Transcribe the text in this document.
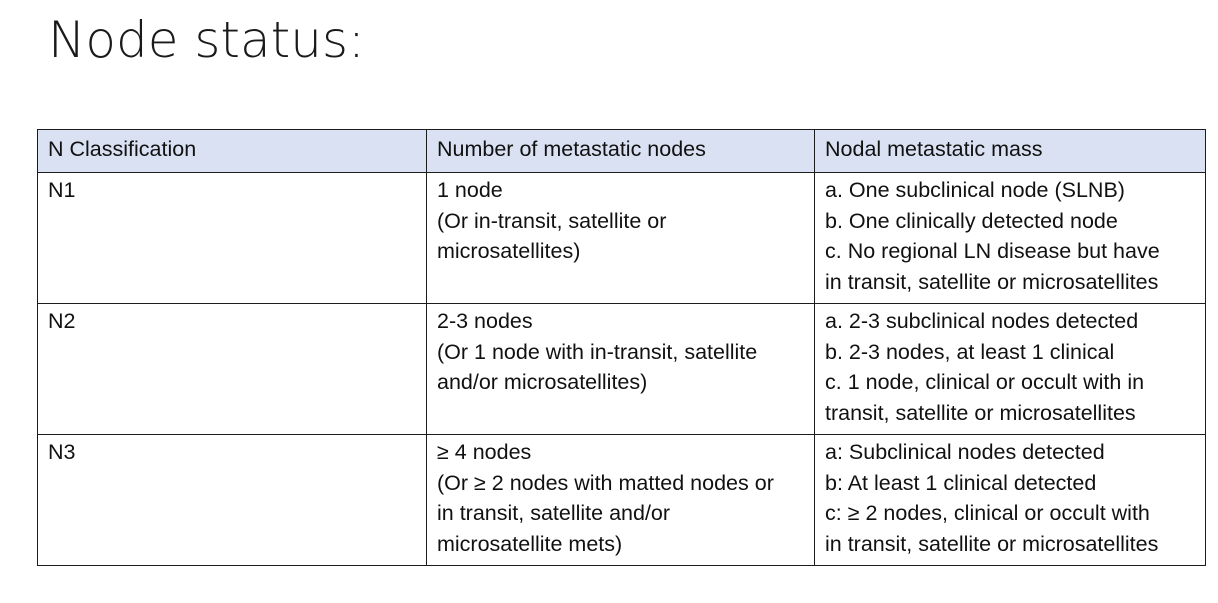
Node status:
N Classification	Number of metastatic nodes	Nodal metastatic mass

N1	1 node
(Or in-transit, satellite or
microsatellites)	a. One subclinical node (SLNB)
b. One clinically detected node
c. No regional LN disease but have
in transit, satellite or microsatellites

N2	2-3 nodes
(Or 1 node with in-transit, satellite
and/or microsatellites)	a. 2-3 subclinical nodes detected
b. 2-3 nodes, at least 1 clinical
c. 1 node, clinical or occult with in
transit, satellite or microsatellites

N3	≥ 4 nodes
(Or ≥ 2 nodes with matted nodes or
in transit, satellite and/or
microsatellite mets)	a: Subclinical nodes detected
b: At least 1 clinical detected
c: ≥ 2 nodes, clinical or occult with
in transit, satellite or microsatellites
